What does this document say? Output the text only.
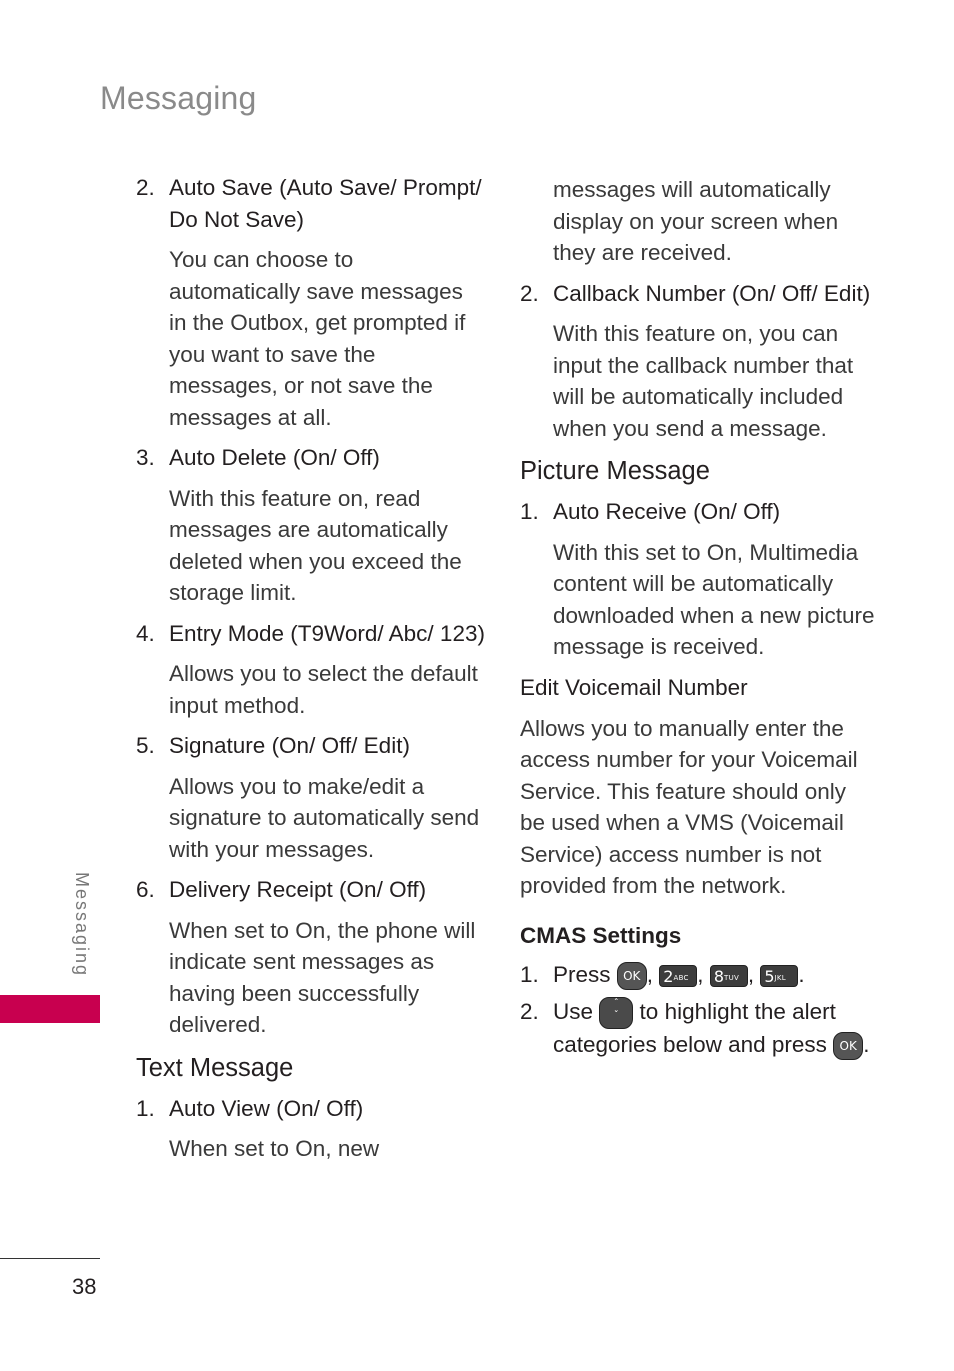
Messaging
2. Auto Save (Auto Save/ Prompt/ Do Not Save)
You can choose to automatically save messages in the Outbox, get prompted if you want to save the messages, or not save the messages at all.
3. Auto Delete (On/ Off)
With this feature on, read messages are automatically deleted when you exceed the storage limit.
4. Entry Mode (T9Word/ Abc/ 123)
Allows you to select the default input method.
5. Signature (On/ Off/ Edit)
Allows you to make/edit a signature to automatically send with your messages.
6. Delivery Receipt (On/ Off)
When set to On, the phone will indicate sent messages as having been successfully delivered.
Text Message
1. Auto View (On/ Off)
When set to On, new
messages will automatically display on your screen when they are received.
2. Callback Number (On/ Off/ Edit)
With this feature on, you can input the callback number that will be automatically included when you send a message.
Picture Message
1. Auto Receive (On/ Off)
With this set to On, Multimedia content will be automatically downloaded when a new picture message is received.
Edit Voicemail Number
Allows you to manually enter the access number for your Voicemail Service. This feature should only be used when a VMS (Voicemail Service) access number is not provided from the network.
CMAS Settings
1. Press OK , 2ABC , 8TUV , 5JKL .
2. Use ˆ
ˇ to highlight the alert categories below and press OK .
Messaging
38
